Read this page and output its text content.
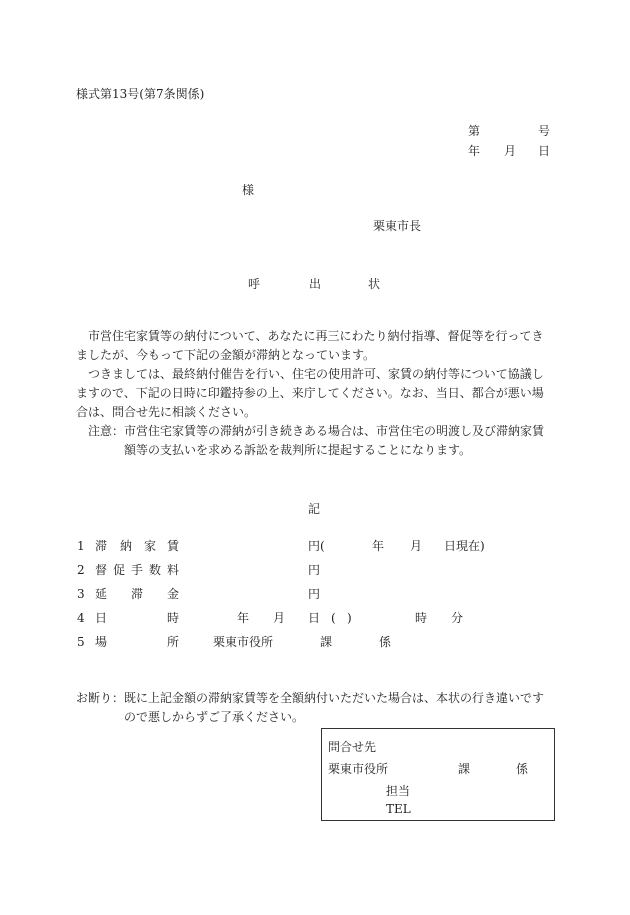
様式第13号(第7条関係)
第	号
年 月 日
様
栗東市長
呼	出	状

市営住宅家賃等の納付について、あなたに再三にわたり納付指導、督促等を行ってきましたが、今もって下記の金額が滞納となっています。

つきましては、最終納付催告を行い、住宅の使用許可、家賃の納付等について協議しますので、下記の日時に印鑑持参の上、来庁してください。なお、当日、都合が悪い場合は、問合せ先に相談ください。

注意： 市営住宅家賃等の滞納が引き続きある場合は、市営住宅の明渡し及び滞納家賃額等の支払いを求める訴訟を裁判所に提起することになります。
記
1 滞 納 家 賃	円(	年 月 日現在)
2 督 促 手 数 料	円
3 延 滞 金	円
4 日	時	年 月 日 ( )	時 分
5 場	所	栗東市役所	課	係
お断り： 既に上記金額の滞納家賃等を全額納付いただいた場合は、本状の行き違いですので悪しからずご了承ください。
問合せ先
栗東市役所	課	係
担当
TEL
